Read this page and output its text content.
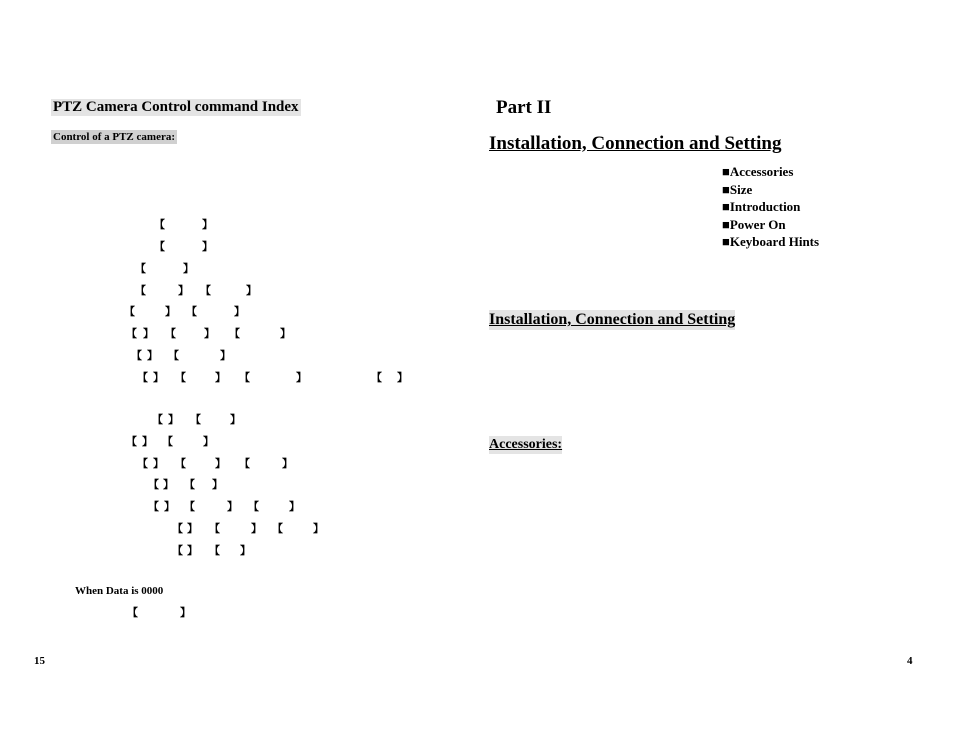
PTZ Camera Control command Index
Control of a PTZ camera:
【	】
【	】
【	】
【	】 【	】
【	】 【	】
【 】 【	】 【	】
【 】 【	】
【 】 【	】 【	】	【 】
【 】 【	】
【 】 【	】
【 】 【	】 【	】
【 】 【 】
【 】 【	】 【	】
【 】 【	】 【	】
【 】 【 】
【	】
When Data is 0000
15
Part II
Installation, Connection and Setting
■Accessories
■Size
■Introduction
■Power On
■Keyboard Hints
Installation, Connection and Setting
Accessories:
4
